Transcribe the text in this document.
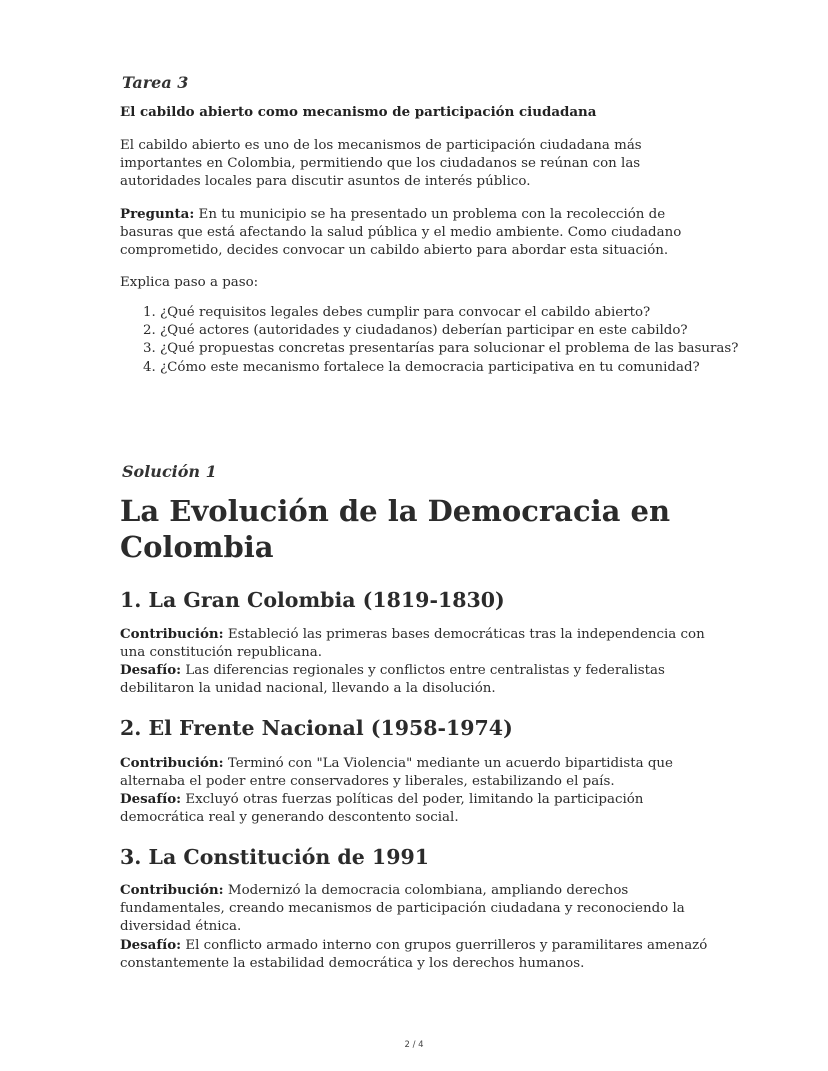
Tarea 3
El cabildo abierto como mecanismo de participación ciudadana

El cabildo abierto es uno de los mecanismos de participación ciudadana más importantes en Colombia, permitiendo que los ciudadanos se reúnan con las autoridades locales para discutir asuntos de interés público.

Pregunta: En tu municipio se ha presentado un problema con la recolección de basuras que está afectando la salud pública y el medio ambiente. Como ciudadano comprometido, decides convocar un cabildo abierto para abordar esta situación.

Explica paso a paso:

1. ¿Qué requisitos legales debes cumplir para convocar el cabildo abierto?
2. ¿Qué actores (autoridades y ciudadanos) deberían participar en este cabildo?
3. ¿Qué propuestas concretas presentarías para solucionar el problema de las basuras?
4. ¿Cómo este mecanismo fortalece la democracia participativa en tu comunidad?
Solución 1
La Evolución de la Democracia en Colombia
1. La Gran Colombia (1819-1830)

Contribución: Estableció las primeras bases democráticas tras la independencia con una constitución republicana.

Desafío: Las diferencias regionales y conflictos entre centralistas y federalistas debilitaron la unidad nacional, llevando a la disolución.

2. El Frente Nacional (1958-1974)

Contribución: Terminó con "La Violencia" mediante un acuerdo bipartidista que alternaba el poder entre conservadores y liberales, estabilizando el país.

Desafío: Excluyó otras fuerzas políticas del poder, limitando la participación democrática real y generando descontento social.

3. La Constitución de 1991

Contribución: Modernizó la democracia colombiana, ampliando derechos fundamentales, creando mecanismos de participación ciudadana y reconociendo la diversidad étnica.

Desafío: El conflicto armado interno con grupos guerrilleros y paramilitares amenazó constantemente la estabilidad democrática y los derechos humanos.

2 / 4
